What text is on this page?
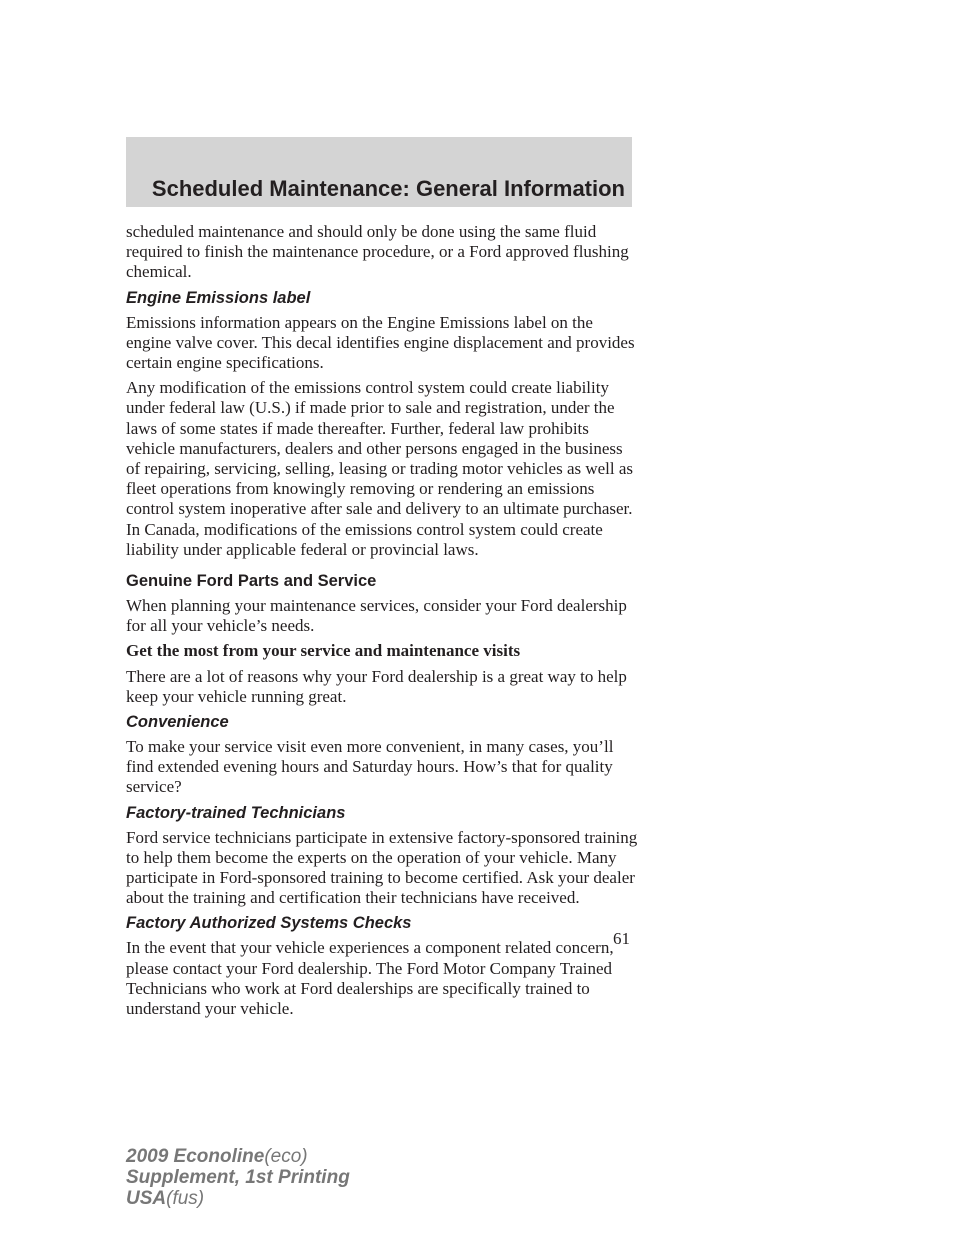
Scheduled Maintenance: General Information

scheduled maintenance and should only be done using the same fluid required to finish the maintenance procedure, or a Ford approved flushing chemical.

Engine Emissions label

Emissions information appears on the Engine Emissions label on the engine valve cover. This decal identifies engine displacement and provides certain engine specifications.

Any modification of the emissions control system could create liability under federal law (U.S.) if made prior to sale and registration, under the laws of some states if made thereafter. Further, federal law prohibits vehicle manufacturers, dealers and other persons engaged in the business of repairing, servicing, selling, leasing or trading motor vehicles as well as fleet operations from knowingly removing or rendering an emissions control system inoperative after sale and delivery to an ultimate purchaser. In Canada, modifications of the emissions control system could create liability under applicable federal or provincial laws.

Genuine Ford Parts and Service

When planning your maintenance services, consider your Ford dealership for all your vehicle’s needs.

Get the most from your service and maintenance visits

There are a lot of reasons why your Ford dealership is a great way to help keep your vehicle running great.

Convenience

To make your service visit even more convenient, in many cases, you’ll find extended evening hours and Saturday hours. How’s that for quality service?

Factory-trained Technicians

Ford service technicians participate in extensive factory-sponsored training to help them become the experts on the operation of your vehicle. Many participate in Ford-sponsored training to become certified. Ask your dealer about the training and certification their technicians have received.

Factory Authorized Systems Checks

In the event that your vehicle experiences a component related concern, please contact your Ford dealership. The Ford Motor Company Trained Technicians who work at Ford dealerships are specifically trained to understand your vehicle.

61
2009 Econoline(eco)
Supplement, 1st Printing
USA(fus)
